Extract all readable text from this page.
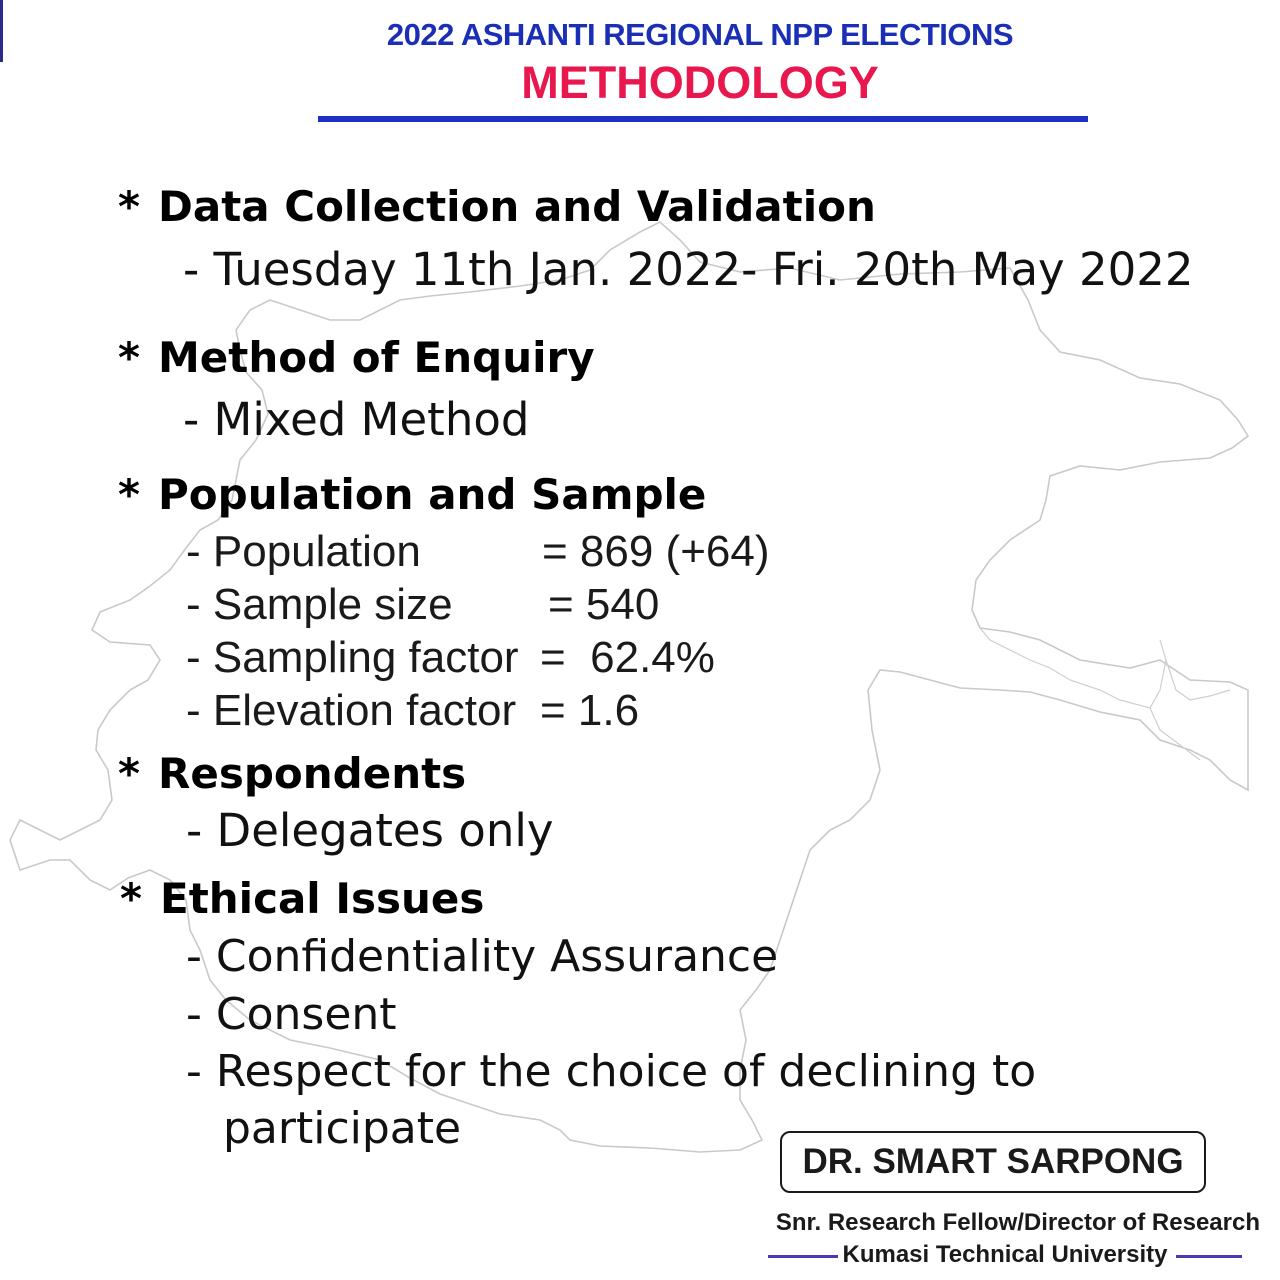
2022 ASHANTI REGIONAL NPP ELECTIONS
METHODOLOGY
* Data Collection and Validation
- Tuesday 11th Jan. 2022- Fri. 20th May 2022
* Method of Enquiry
- Mixed Method
* Population and Sample
- Population	= 869 (+64)
- Sample size = 540
- Sampling factor =  62.4%
- Elevation factor = 1.6
* Respondents
- Delegates only
* Ethical Issues
- Confidentiality Assurance
- Consent
- Respect for the choice of declining to
participate
DR. SMART SARPONG
Snr. Research Fellow/Director of Research
Kumasi Technical University
